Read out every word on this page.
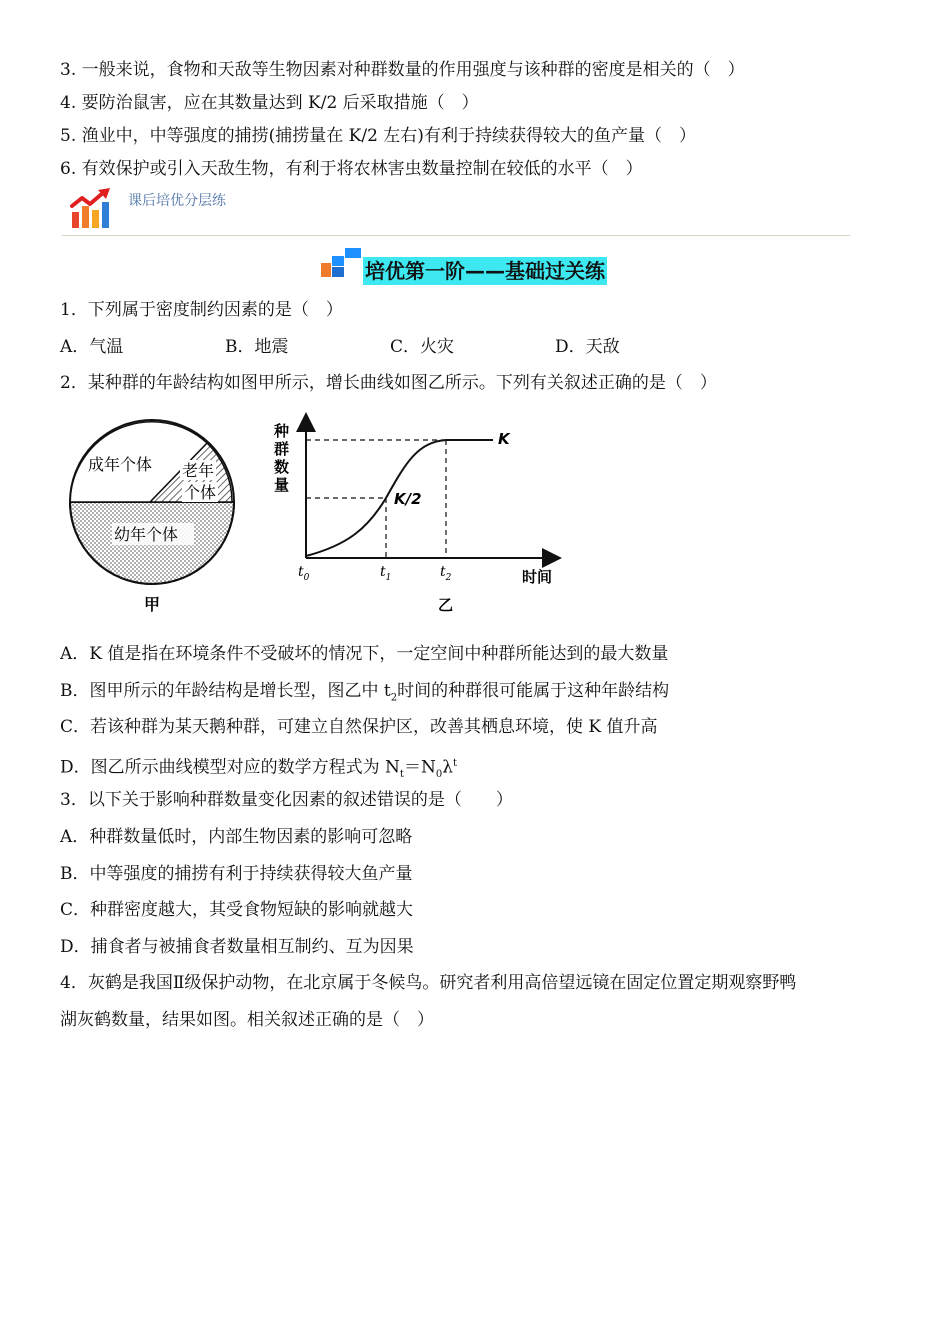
3. 一般来说，食物和天敌等生物因素对种群数量的作用强度与该种群的密度是相关的（　）
4. 要防治鼠害，应在其数量达到 K/2 后采取措施（　）
5. 渔业中，中等强度的捕捞(捕捞量在 K/2 左右)有利于持续获得较大的鱼产量（　）
6. 有效保护或引入天敌生物，有利于将农林害虫数量控制在较低的水平（　）
课后培优分层练
培优第一阶——基础过关练
1．下列属于密度制约因素的是（　）
A．气温	B．地震	C．火灾	D．天敌
2．某种群的年龄结构如图甲所示，增长曲线如图乙所示。下列有关叙述正确的是（　）
成年个体 老年
个体
幼年个体
甲
种
群
数
量
K
K/2
时间
乙
$t_0$	$t_1$	$t_2$
A．K 值是指在环境条件不受破坏的情况下，一定空间中种群所能达到的最大数量
B．图甲所示的年龄结构是增长型，图乙中 $t_2$时间的种群很可能属于这种年龄结构
C．若该种群为某天鹅种群，可建立自然保护区，改善其栖息环境，使 K 值升高
D．图乙所示曲线模型对应的数学方程式为 $N_t=N_0\lambda^t$
3．以下关于影响种群数量变化因素的叙述错误的是（　　）
A．种群数量低时，内部生物因素的影响可忽略
B．中等强度的捕捞有利于持续获得较大鱼产量
C．种群密度越大，其受食物短缺的影响就越大
D．捕食者与被捕食者数量相互制约、互为因果
4．灰鹤是我国Ⅱ级保护动物，在北京属于冬候鸟。研究者利用高倍望远镜在固定位置定期观察野鸭
湖灰鹤数量，结果如图。相关叙述正确的是（　）
